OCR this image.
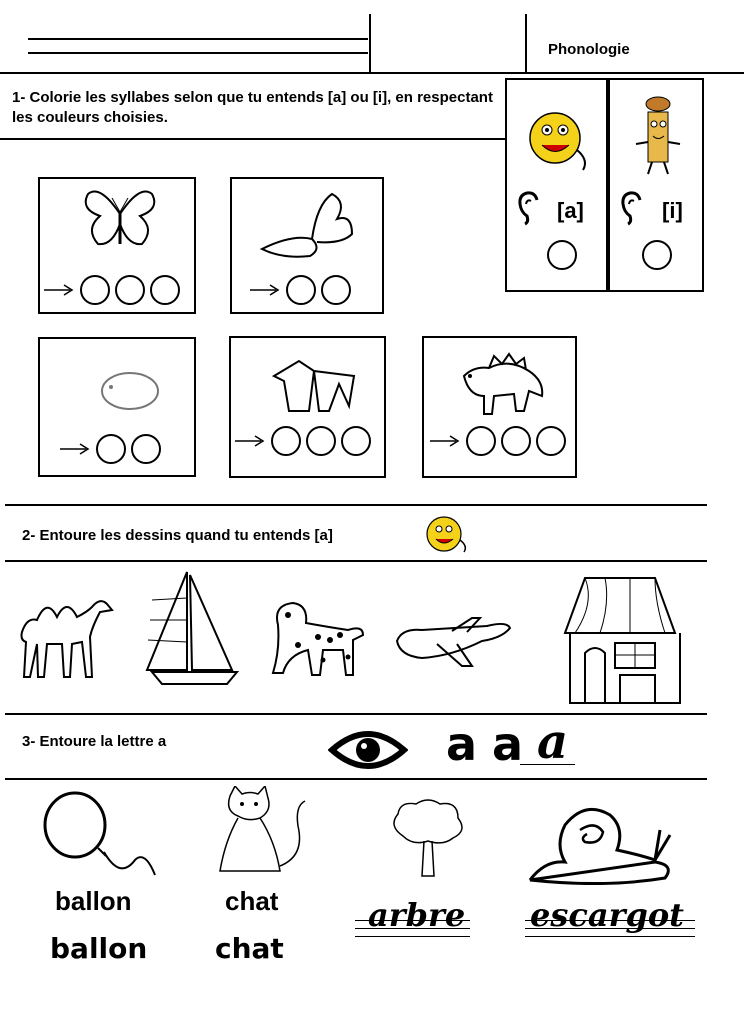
Phonologie
1- Colorie les syllabes selon que tu entends [a] ou [i], en respectant les couleurs choisies.
[a]	[i]
2- Entoure les dessins quand tu entends [a]
3- Entoure la lettre a	a a a
ballon	chat
ballon chat
arbre escargot
